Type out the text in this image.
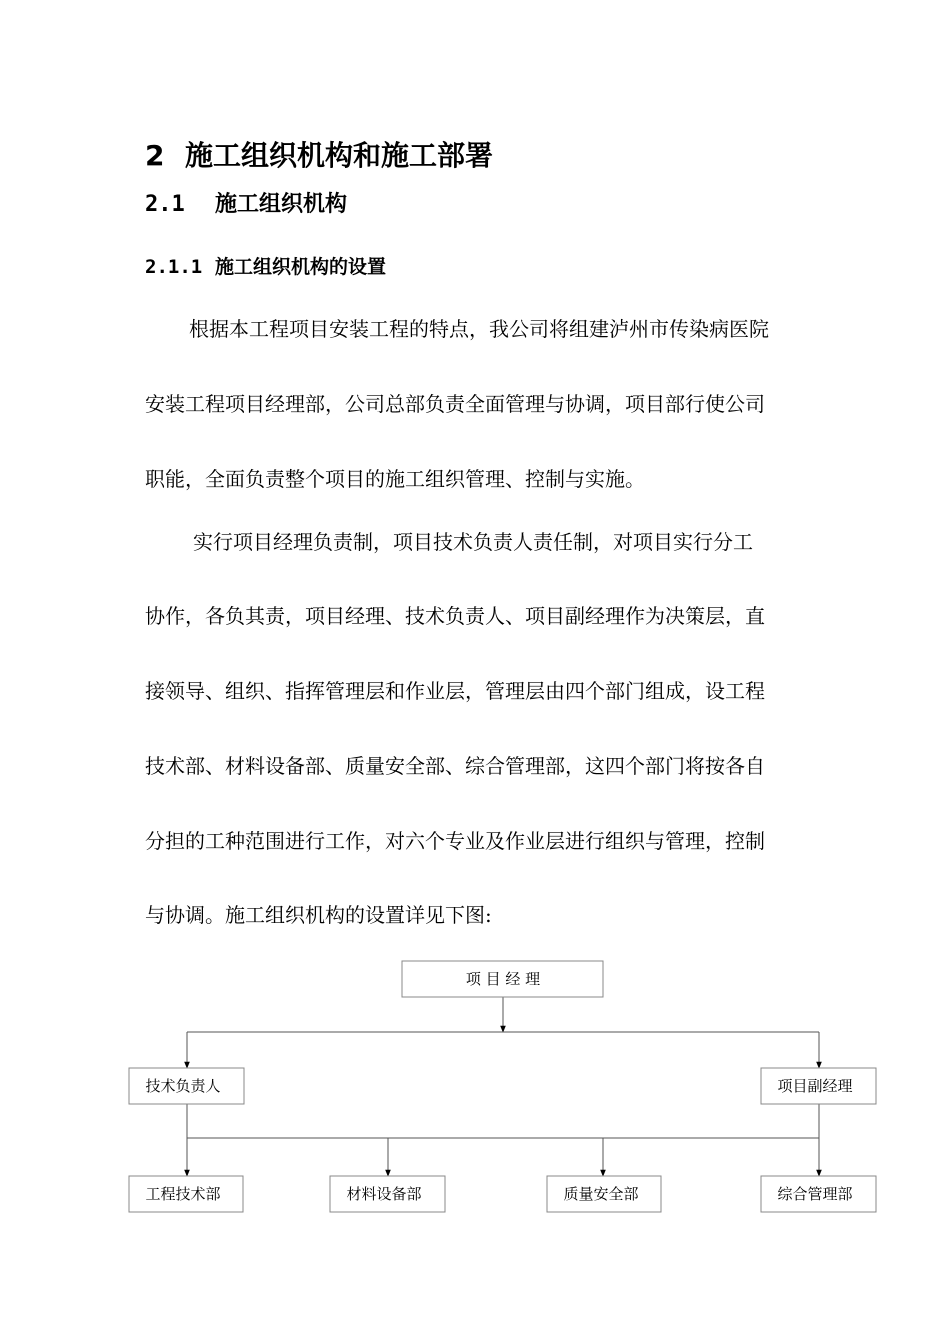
2 施工组织机构和施工部署
2.1 施工组织机构
2.1.1 施工组织机构的设置
根据本工程项目安装工程的特点，我公司将组建泸州市传染病医院
安装工程项目经理部，公司总部负责全面管理与协调，项目部行使公司
职能，全面负责整个项目的施工组织管理、控制与实施。
实行项目经理负责制，项目技术负责人责任制，对项目实行分工
协作，各负其责，项目经理、技术负责人、项目副经理作为决策层，直
接领导、组织、指挥管理层和作业层，管理层由四个部门组成，设工程
技术部、材料设备部、质量安全部、综合管理部，这四个部门将按各自
分担的工种范围进行工作，对六个专业及作业层进行组织与管理，控制
与协调。施工组织机构的设置详见下图:
项 目 经 理
技术负责人	项目副经理
工程技术部	材料设备部	质量安全部	综合管理部
